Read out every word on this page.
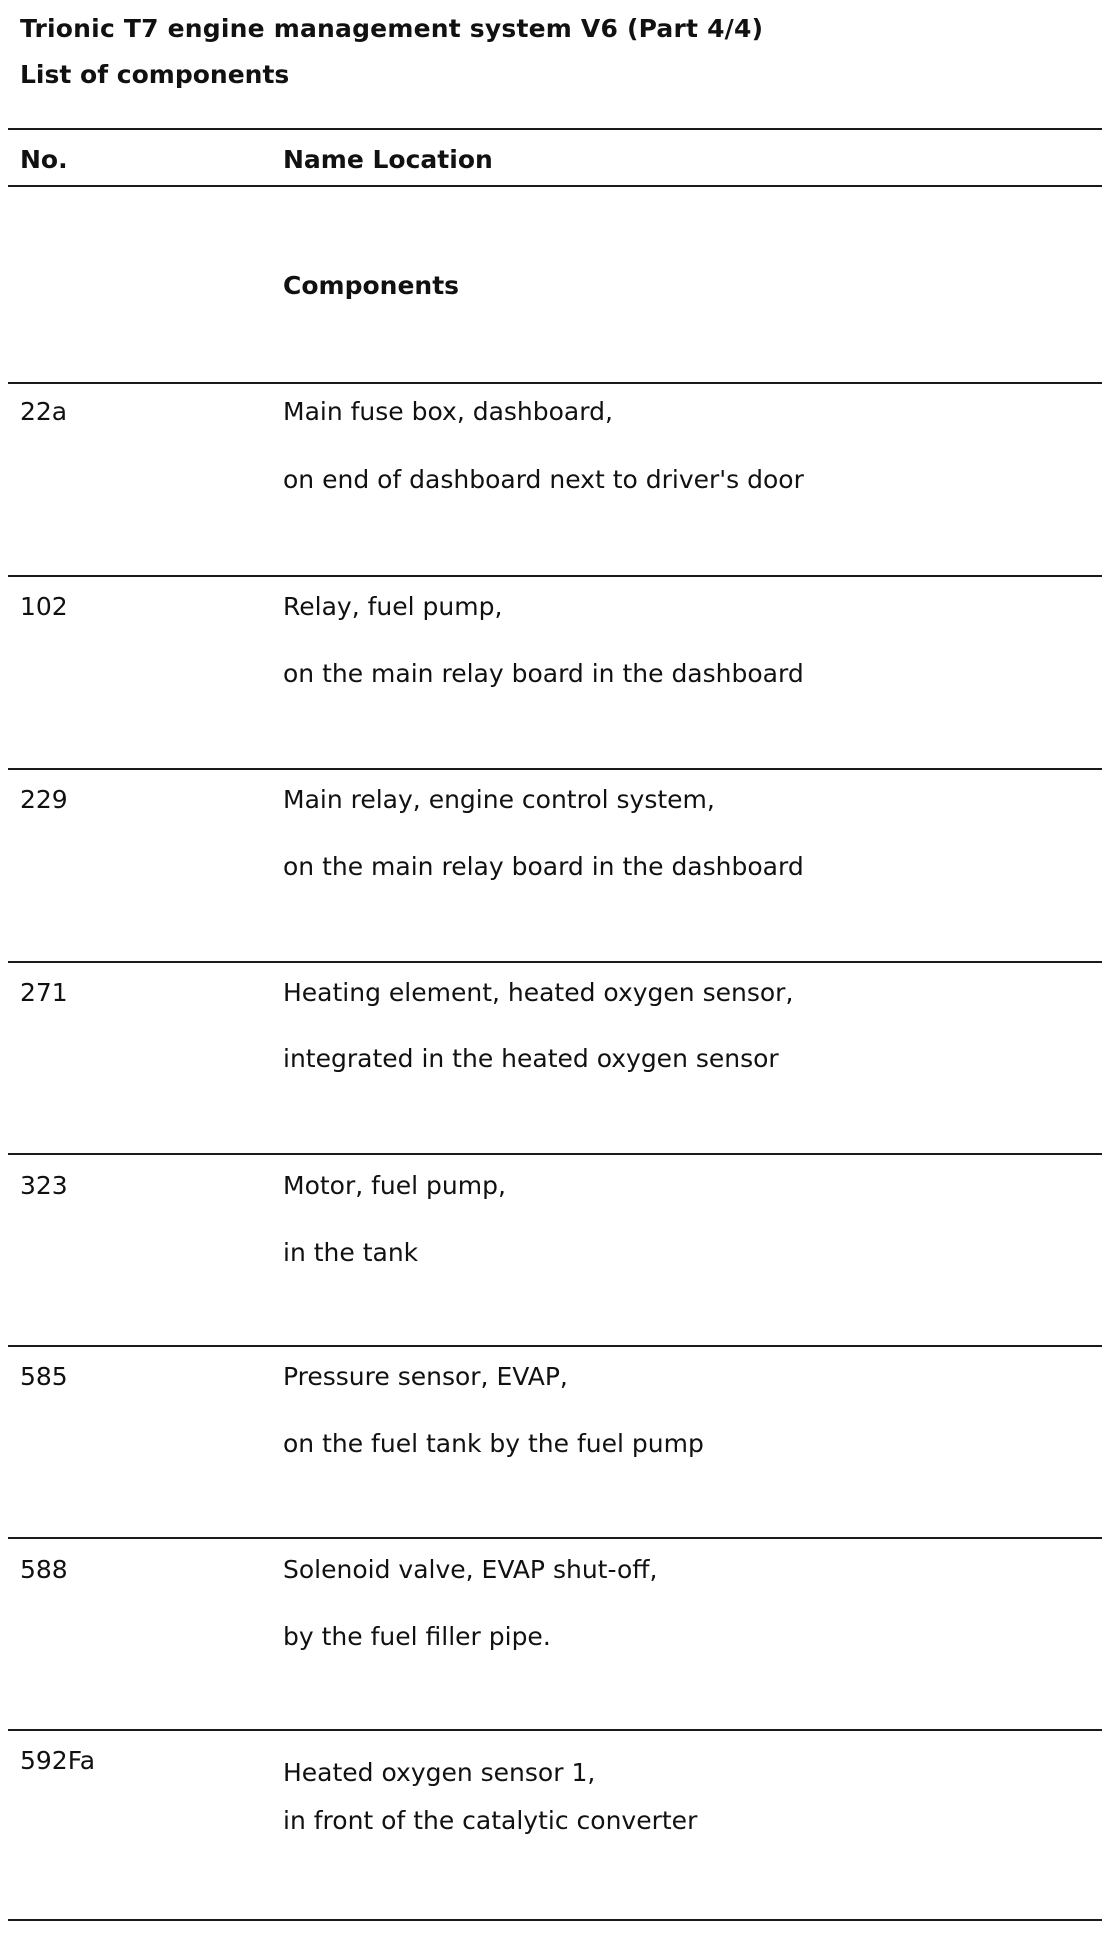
Trionic T7 engine management system V6 (Part 4/4)
List of components
No.	Name Location
Components
22a	Main fuse box, dashboard,
on end of dashboard next to driver's door
102	Relay, fuel pump,
on the main relay board in the dashboard
229	Main relay, engine control system,
on the main relay board in the dashboard
271	Heating element, heated oxygen sensor,
integrated in the heated oxygen sensor
323	Motor, fuel pump,
in the tank
585	Pressure sensor, EVAP,
on the fuel tank by the fuel pump
588	Solenoid valve, EVAP shut-off,
by the fuel filler pipe.
592Fa	Heated oxygen sensor 1,
in front of the catalytic converter
